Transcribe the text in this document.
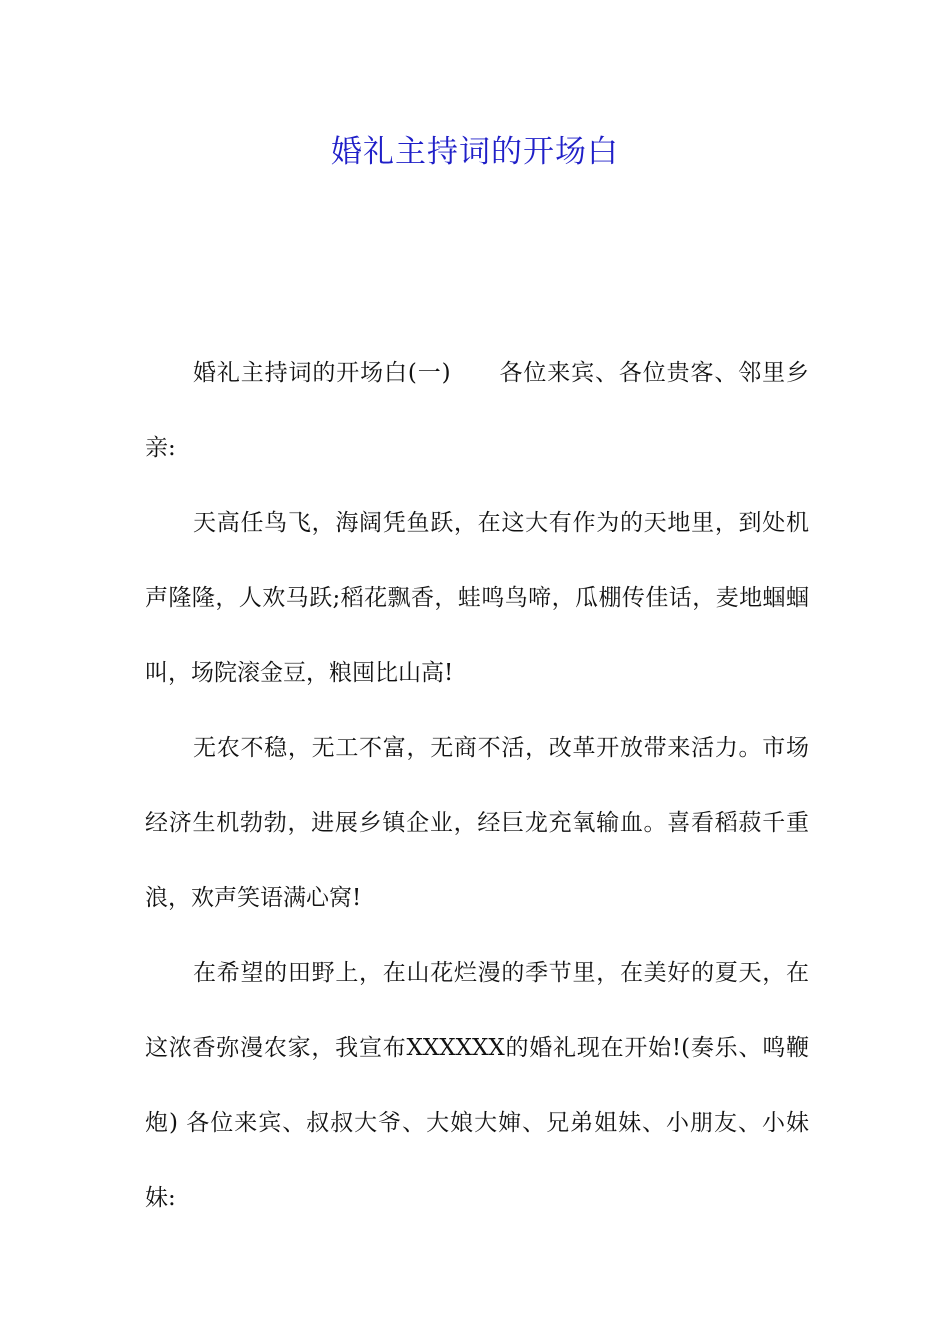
婚礼主持词的开场白

婚礼主持词的开场白(一) 各位来宾、各位贵客、邻里乡亲:

天高任鸟飞，海阔凭鱼跃，在这大有作为的天地里，到处机声隆隆，人欢马跃;稻花飘香，蛙鸣鸟啼，瓜棚传佳话，麦地蝈蝈叫，场院滚金豆，粮囤比山高!

无农不稳，无工不富，无商不活，改革开放带来活力。市场经济生机勃勃，进展乡镇企业，经巨龙充氧输血。喜看稻菽千重浪，欢声笑语满心窝!

在希望的田野上，在山花烂漫的季节里，在美好的夏天，在这浓香弥漫农家，我宣布XXXXXX的婚礼现在开始!(奏乐、鸣鞭炮) 各位来宾、叔叔大爷、大娘大婶、兄弟姐妹、小朋友、小妹妹:
